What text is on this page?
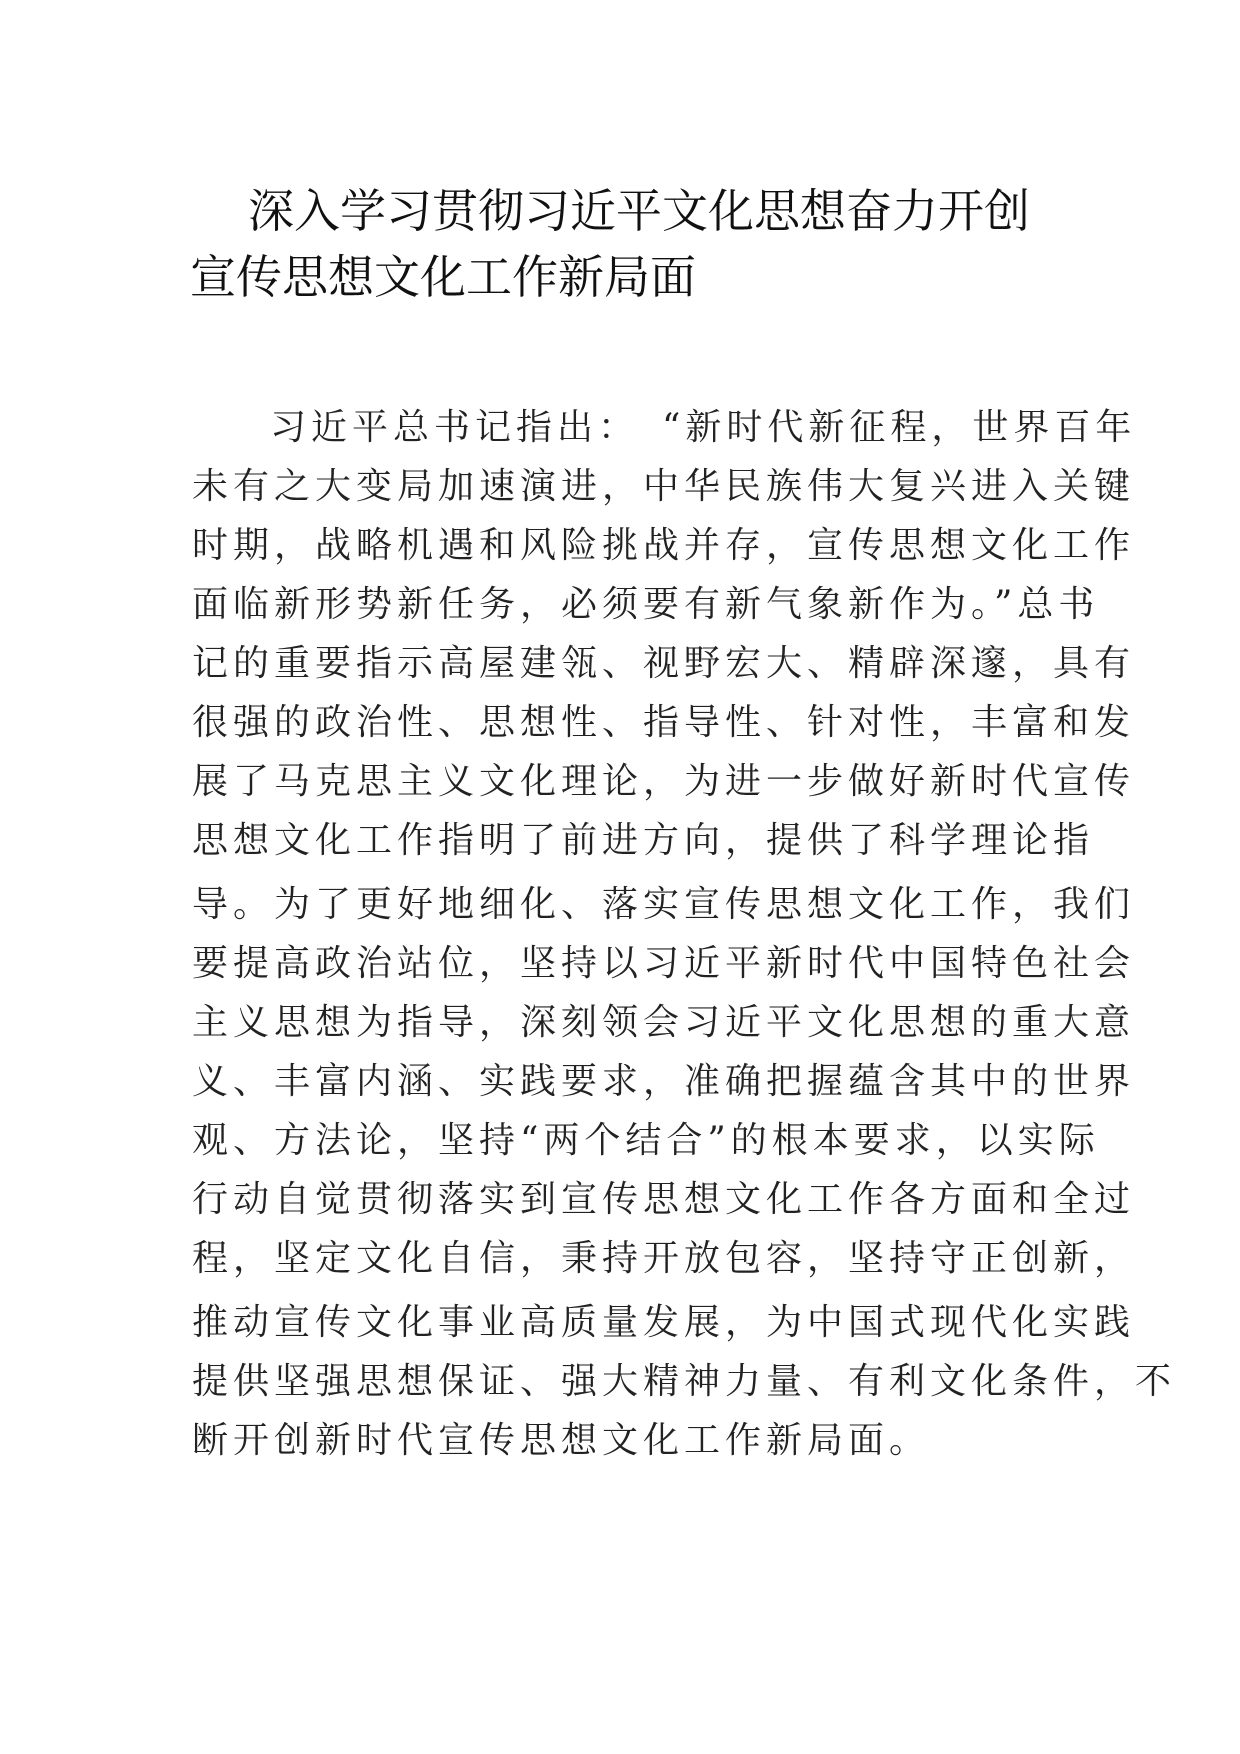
深入学习贯彻习近平文化思想奋力开创
宣传思想文化工作新局面

习近平总书记指出：　“新时代新征程，世界百年
未有之大变局加速演进，中华民族伟大复兴进入关键
时期，战略机遇和风险挑战并存，宣传思想文化工作
面临新形势新任务，必须要有新气象新作为。”总书
记的重要指示高屋建瓴、视野宏大、精辟深邃，具有
很强的政治性、思想性、指导性、针对性，丰富和发
展了马克思主义文化理论，为进一步做好新时代宣传
思想文化工作指明了前进方向，提供了科学理论指

导。为了更好地细化、落实宣传思想文化工作，我们
要提高政治站位，坚持以习近平新时代中国特色社会
主义思想为指导，深刻领会习近平文化思想的重大意
义、丰富内涵、实践要求，准确把握蕴含其中的世界
观、方法论，坚持“两个结合”的根本要求，以实际
行动自觉贯彻落实到宣传思想文化工作各方面和全过
程，坚定文化自信，秉持开放包容，坚持守正创新，

推动宣传文化事业高质量发展，为中国式现代化实践
提供坚强思想保证、强大精神力量、有利文化条件，不
断开创新时代宣传思想文化工作新局面。
